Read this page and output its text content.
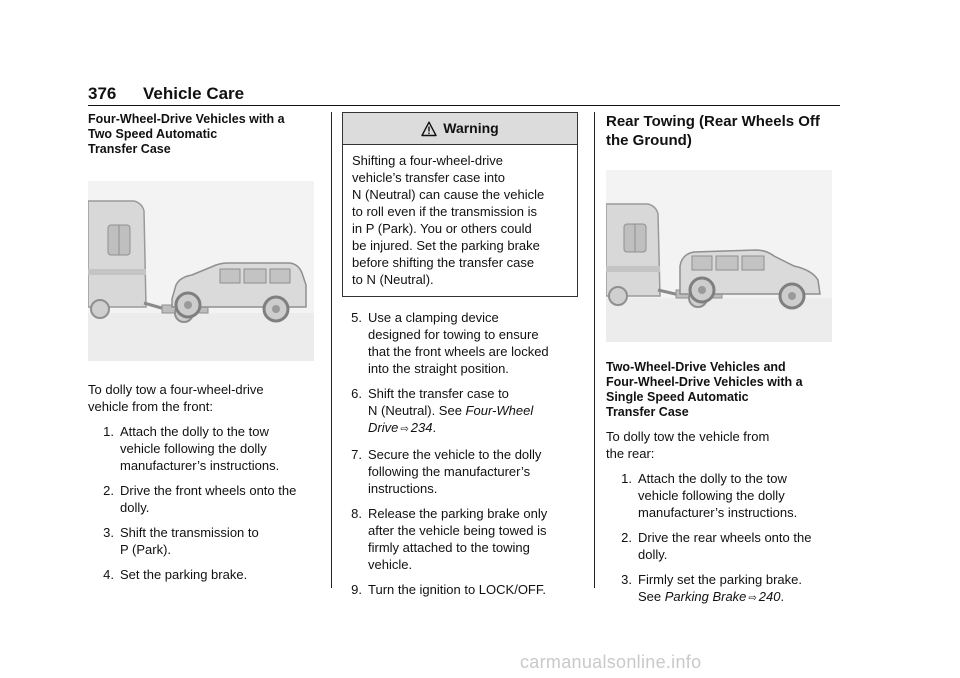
376 Vehicle Care
Four-Wheel-Drive Vehicles with a
Two Speed Automatic
Transfer Case

To dolly tow a four-wheel-drive
vehicle from the front:

1. Attach the dolly to the tow
vehicle following the dolly
manufacturer’s instructions.
2. Drive the front wheels onto the
dolly.
3. Shift the transmission to
P (Park).
4. Set the parking brake.
Warning
Shifting a four-wheel-drive
vehicle’s transfer case into
N (Neutral) can cause the vehicle
to roll even if the transmission is
in P (Park). You or others could
be injured. Set the parking brake
before shifting the transfer case
to N (Neutral).
5. Use a clamping device
designed for towing to ensure
that the front wheels are locked
into the straight position.
6. Shift the transfer case to
N (Neutral). See Four-Wheel
Drive ⇨ 234.
7. Secure the vehicle to the dolly
following the manufacturer’s
instructions.
8. Release the parking brake only
after the vehicle being towed is
firmly attached to the towing
vehicle.
9. Turn the ignition to LOCK/OFF.
Rear Towing (Rear Wheels Off
the Ground)
Two-Wheel-Drive Vehicles and
Four-Wheel-Drive Vehicles with a
Single Speed Automatic
Transfer Case

To dolly tow the vehicle from
the rear:

1. Attach the dolly to the tow
vehicle following the dolly
manufacturer’s instructions.
2. Drive the rear wheels onto the
dolly.
3. Firmly set the parking brake.
See Parking Brake ⇨ 240.
carmanualsonline.info
